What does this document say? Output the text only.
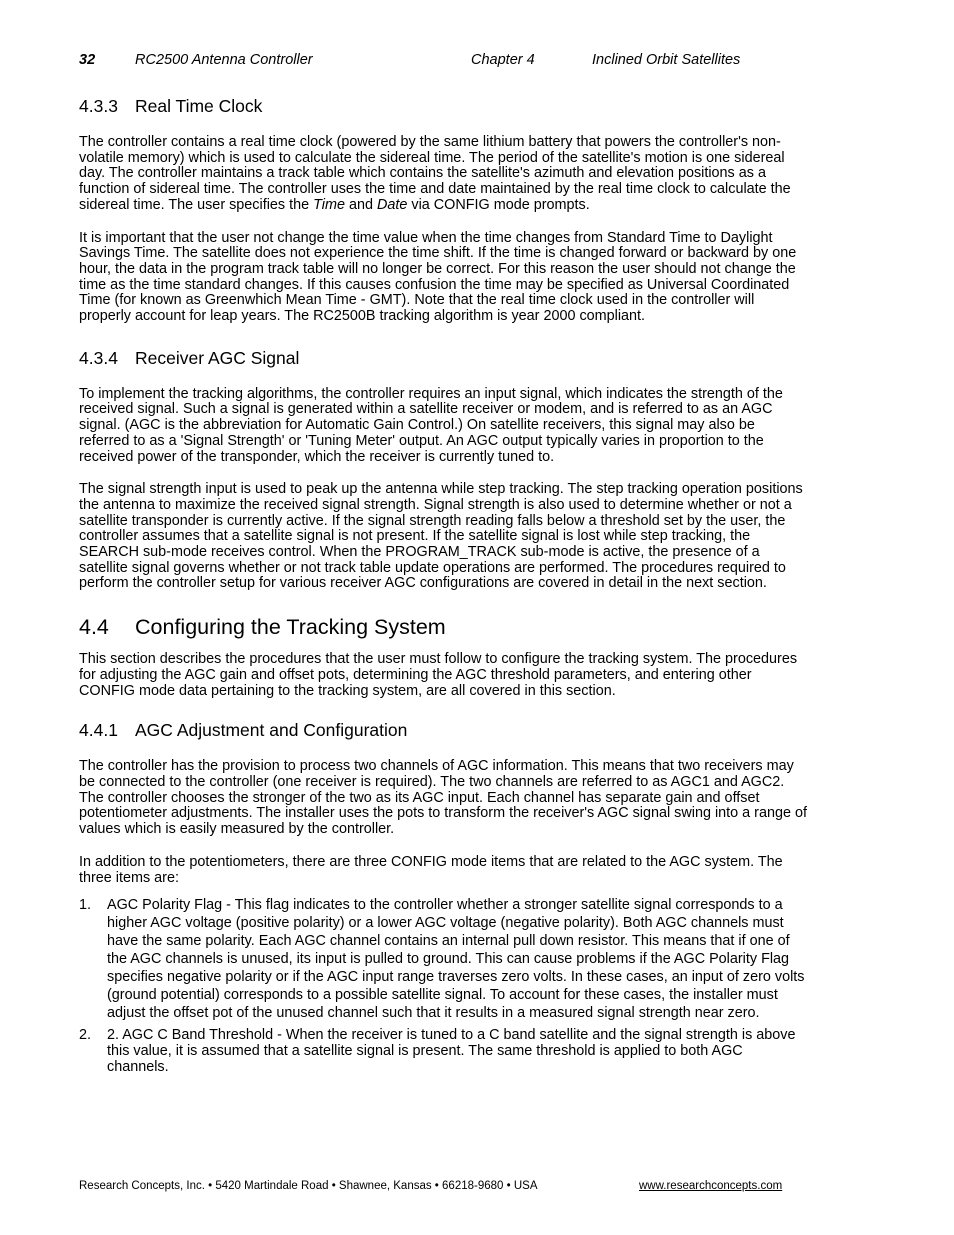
32	RC2500 Antenna Controller	Chapter 4	Inclined Orbit Satellites
4.3.3 Real Time Clock

The controller contains a real time clock (powered by the same lithium battery that powers the controller's non-volatile memory) which is used to calculate the sidereal time. The period of the satellite's motion is one sidereal day. The controller maintains a track table which contains the satellite's azimuth and elevation positions as a function of sidereal time. The controller uses the time and date maintained by the real time clock to calculate the sidereal time. The user specifies the Time and Date via CONFIG mode prompts.

It is important that the user not change the time value when the time changes from Standard Time to Daylight Savings Time. The satellite does not experience the time shift. If the time is changed forward or backward by one hour, the data in the program track table will no longer be correct. For this reason the user should not change the time as the time standard changes. If this causes confusion the time may be specified as Universal Coordinated Time (for known as Greenwhich Mean Time - GMT). Note that the real time clock used in the controller will properly account for leap years. The RC2500B tracking algorithm is year 2000 compliant.

4.3.4 Receiver AGC Signal

To implement the tracking algorithms, the controller requires an input signal, which indicates the strength of the received signal. Such a signal is generated within a satellite receiver or modem, and is referred to as an AGC signal. (AGC is the abbreviation for Automatic Gain Control.) On satellite receivers, this signal may also be referred to as a 'Signal Strength' or 'Tuning Meter' output. An AGC output typically varies in proportion to the received power of the transponder, which the receiver is currently tuned to.

The signal strength input is used to peak up the antenna while step tracking. The step tracking operation positions the antenna to maximize the received signal strength. Signal strength is also used to determine whether or not a satellite transponder is currently active. If the signal strength reading falls below a threshold set by the user, the controller assumes that a satellite signal is not present. If the satellite signal is lost while step tracking, the SEARCH sub-mode receives control. When the PROGRAM_TRACK sub-mode is active, the presence of a satellite signal governs whether or not track table update operations are performed. The procedures required to perform the controller setup for various receiver AGC configurations are covered in detail in the next section.

4.4 Configuring the Tracking System

This section describes the procedures that the user must follow to configure the tracking system. The procedures for adjusting the AGC gain and offset pots, determining the AGC threshold parameters, and entering other CONFIG mode data pertaining to the tracking system, are all covered in this section.

4.4.1 AGC Adjustment and Configuration

The controller has the provision to process two channels of AGC information. This means that two receivers may be connected to the controller (one receiver is required). The two channels are referred to as AGC1 and AGC2. The controller chooses the stronger of the two as its AGC input. Each channel has separate gain and offset potentiometer adjustments. The installer uses the pots to transform the receiver's AGC signal swing into a range of values which is easily measured by the controller.

In addition to the potentiometers, there are three CONFIG mode items that are related to the AGC system. The three items are:

1. AGC Polarity Flag - This flag indicates to the controller whether a stronger satellite signal corresponds to a higher AGC voltage (positive polarity) or a lower AGC voltage (negative polarity). Both AGC channels must have the same polarity. Each AGC channel contains an internal pull down resistor. This means that if one of the AGC channels is unused, its input is pulled to ground. This can cause problems if the AGC Polarity Flag specifies negative polarity or if the AGC input range traverses zero volts. In these cases, an input of zero volts (ground potential) corresponds to a possible satellite signal. To account for these cases, the installer must adjust the offset pot of the unused channel such that it results in a measured signal strength near zero.
2. 2. AGC C Band Threshold - When the receiver is tuned to a C band satellite and the signal strength is above this value, it is assumed that a satellite signal is present. The same threshold is applied to both AGC channels.
Research Concepts, Inc. • 5420 Martindale Road • Shawnee, Kansas • 66218-9680 • USA	www.researchconcepts.com
